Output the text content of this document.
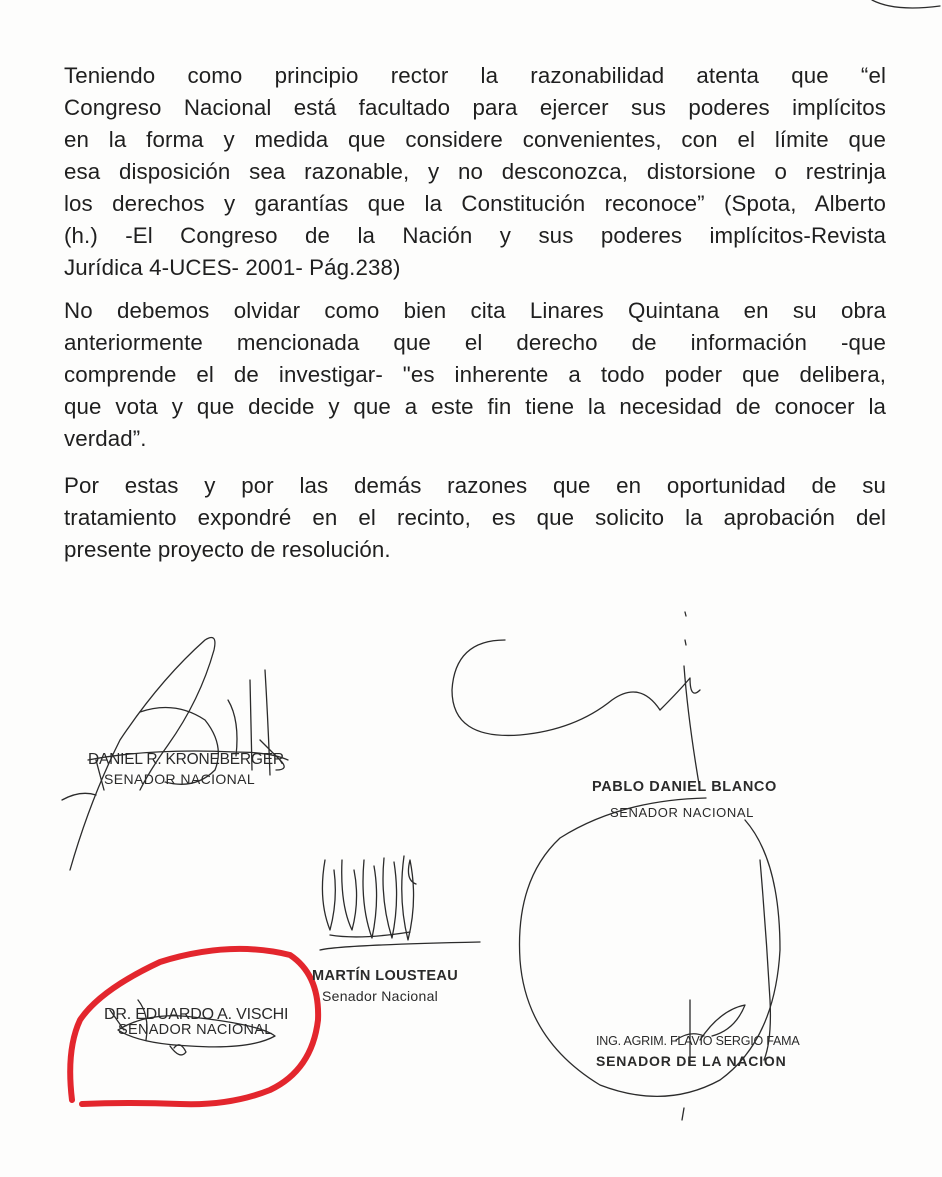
Teniendo como principio rector la razonabilidad atenta que “el
Congreso Nacional está facultado para ejercer sus poderes implícitos
en la forma y medida que considere convenientes, con el límite que
esa disposición sea razonable, y no desconozca, distorsione o restrinja
los derechos y garantías que la Constitución reconoce” (Spota, Alberto
(h.) -El Congreso de la Nación y sus poderes implícitos-Revista
Jurídica 4-UCES- 2001- Pág.238)
No debemos olvidar como bien cita Linares Quintana en su obra
anteriormente mencionada que el derecho de información -que
comprende el de investigar- "es inherente a todo poder que delibera,
que vota y que decide y que a este fin tiene la necesidad de conocer la
verdad”.
Por estas y por las demás razones que en oportunidad de su
tratamiento expondré en el recinto, es que solicito la aprobación del
presente proyecto de resolución.
DANIEL R. KRONEBERGER
SENADOR NACIONAL	PABLO DANIEL BLANCO
SENADOR NACIONAL
MARTÍN LOUSTEAU
Senador Nacional
DR. EDUARDO A. VISCHI
SENADOR NACIONAL
ING. AGRIM. FLAVIO SERGIO FAMA
SENADOR DE LA NACION
